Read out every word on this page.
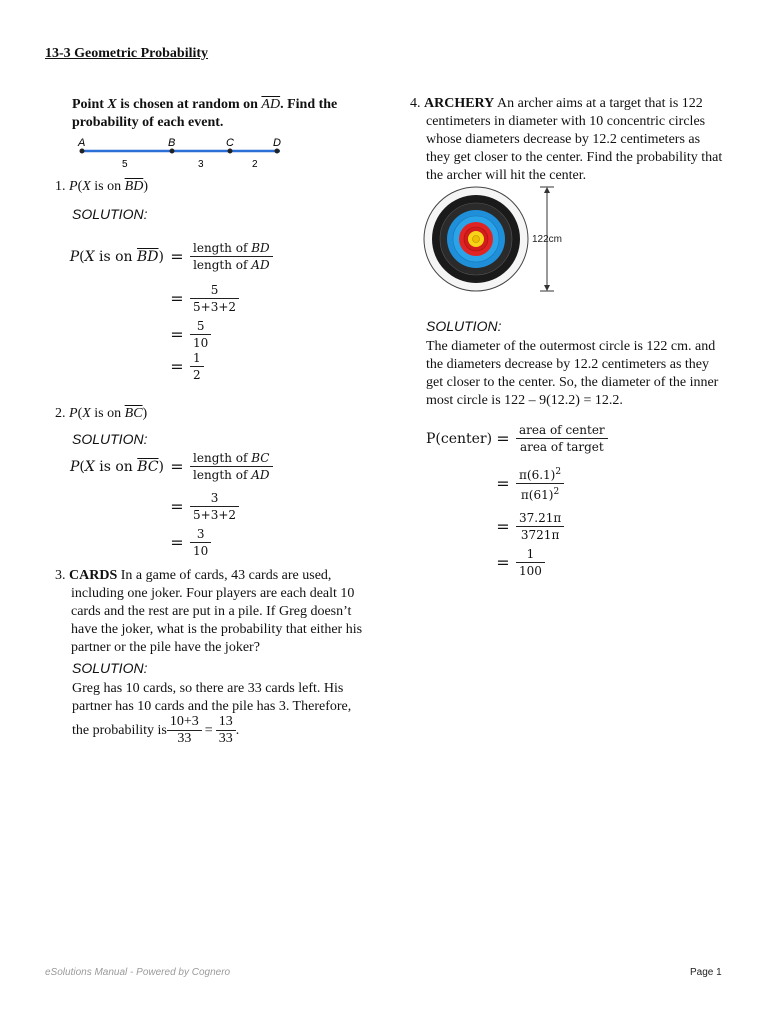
13-3 Geometric Probability
Point X is chosen at random on $\overline{AD}$. Find the
probability of each event.
A	B	C	D
5	3	2
1. P(X is on $\overline{BD}$)
SOLUTION:
P(X is on $\overline{BD}) = \frac{\text{length of BD}}{\text{length of AD}}$
= $\frac{5}{5+3+2}$
= $\frac{5}{10}$
= $\frac{1}{2}$
2. P(X is on $\overline{BC}$)
SOLUTION:
P(X is on $\overline{BC}) = \frac{\text{length of BC}}{\text{length of AD}}$
= $\frac{3}{5+3+2}$
= $\frac{3}{10}$
3. CARDS In a game of cards, 43 cards are used,
including one joker. Four players are each dealt 10
cards and the rest are put in a pile. If Greg doesn’t
have the joker, what is the probability that either his
partner or the pile have the joker?
SOLUTION:
Greg has 10 cards, so there are 33 cards left. His
partner has 10 cards and the pile has 3. Therefore,
the probability is $\frac{10+3}{33} = \frac{13}{33}$ .
4. ARCHERY An archer aims at a target that is 122
centimeters in diameter with 10 concentric circles
whose diameters decrease by 12.2 centimeters as
they get closer to the center. Find the probability that
the archer will hit the center.
122cm
SOLUTION:
The diameter of the outermost circle is 122 cm. and
the diameters decrease by 12.2 centimeters as they
get closer to the center. So, the diameter of the inner
most circle is 122 – 9(12.2) = 12.2.
P(center) = $\frac{\text{area of center}}{\text{area of target}}$
= $\frac{\pi(6.1)^2}{\pi(61)^2}$
= $\frac{37.21\pi}{3721\pi}$
= $\frac{1}{100}$
eSolutions Manual - Powered by Cognero	Page 1
